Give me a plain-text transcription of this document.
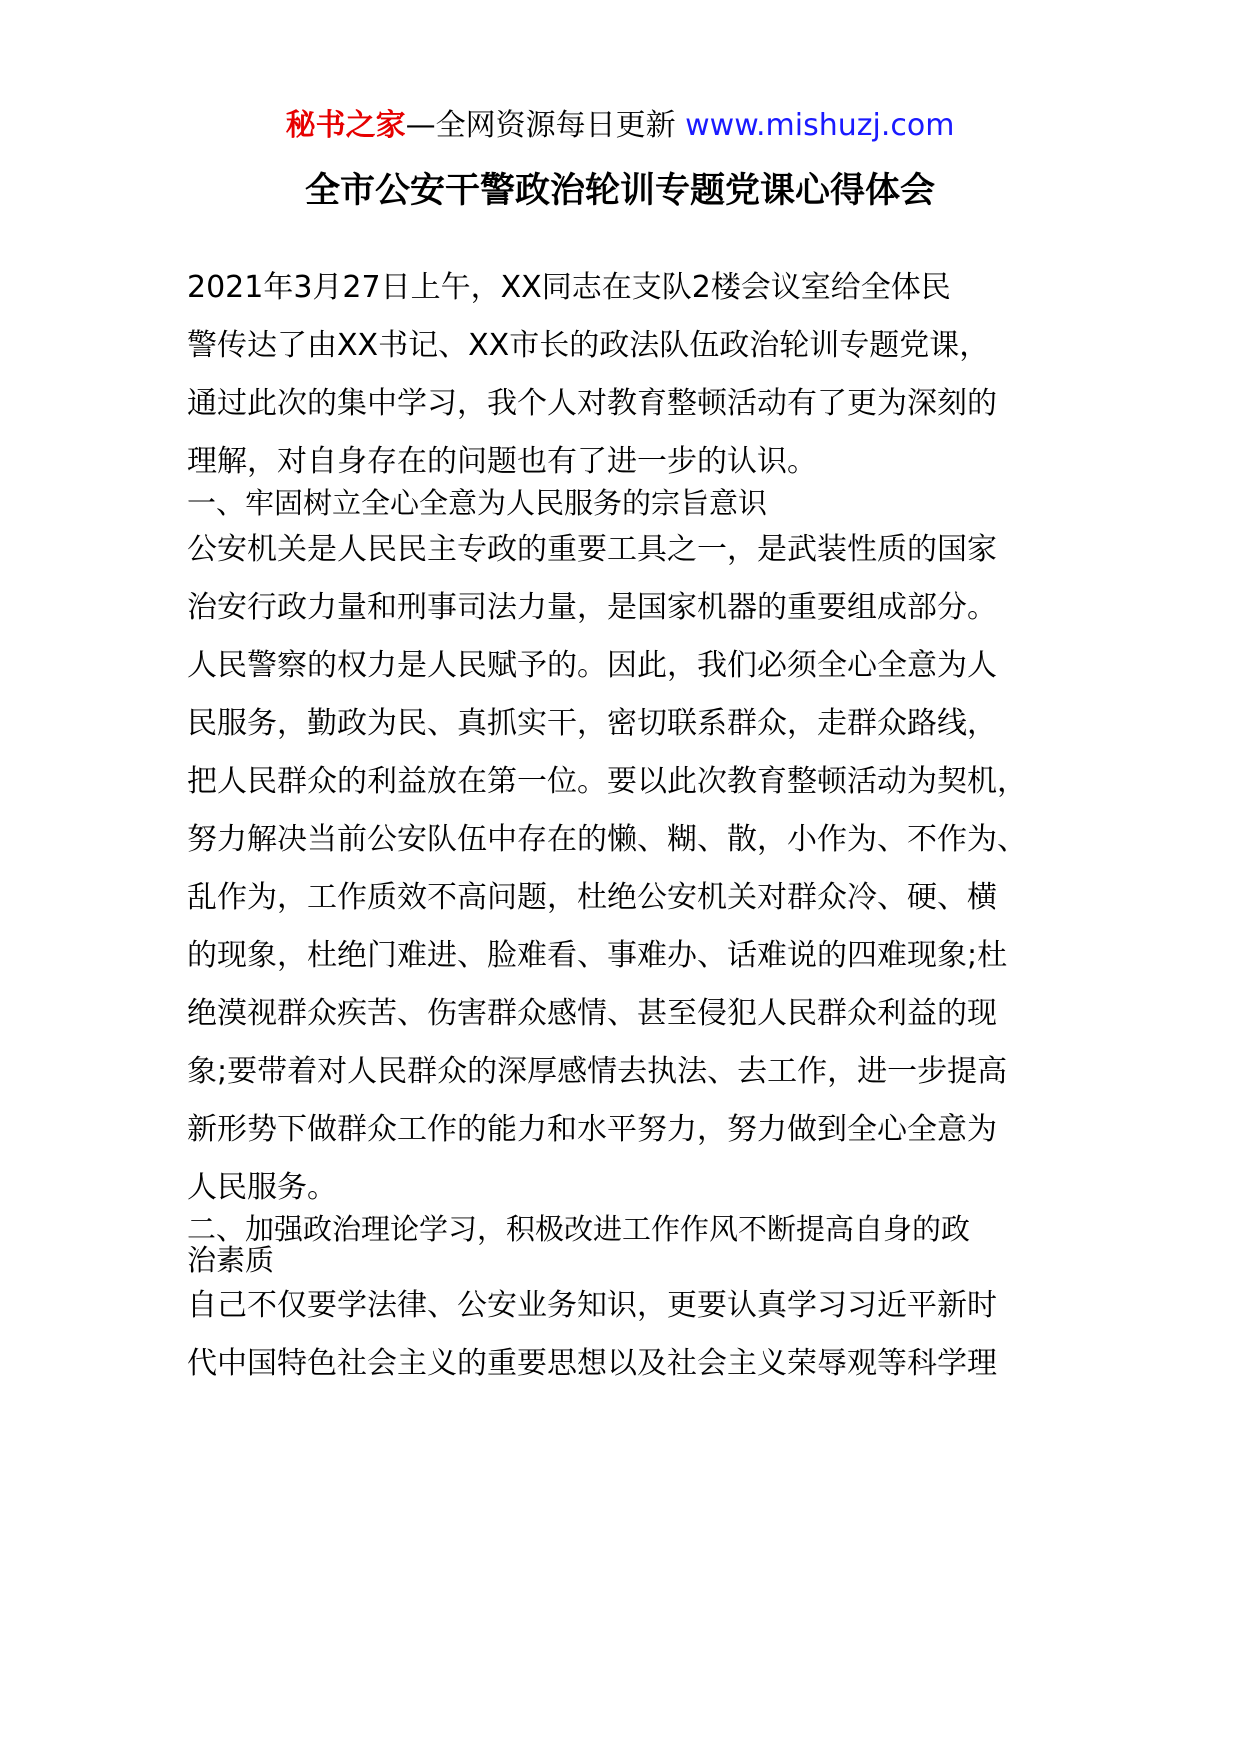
秘书之家—全网资源每日更新 www.mishuzj.com
全市公安干警政治轮训专题党课心得体会

2021年3月27日上午，XX同志在支队2楼会议室给全体民

警传达了由XX书记、XX市长的政法队伍政治轮训专题党课，

通过此次的集中学习，我个人对教育整顿活动有了更为深刻的

理解，对自身存在的问题也有了进一步的认识。

一、牢固树立全心全意为人民服务的宗旨意识

公安机关是人民民主专政的重要工具之一，是武装性质的国家

治安行政力量和刑事司法力量，是国家机器的重要组成部分。

人民警察的权力是人民赋予的。因此，我们必须全心全意为人

民服务，勤政为民、真抓实干，密切联系群众，走群众路线，

把人民群众的利益放在第一位。要以此次教育整顿活动为契机，

努力解决当前公安队伍中存在的懒、糊、散，小作为、不作为、

乱作为，工作质效不高问题，杜绝公安机关对群众冷、硬、横

的现象，杜绝门难进、脸难看、事难办、话难说的四难现象;杜

绝漠视群众疾苦、伤害群众感情、甚至侵犯人民群众利益的现

象;要带着对人民群众的深厚感情去执法、去工作，进一步提高

新形势下做群众工作的能力和水平努力，努力做到全心全意为

人民服务。

二、加强政治理论学习，积极改进工作作风不断提高自身的政

治素质

自己不仅要学法律、公安业务知识，更要认真学习习近平新时

代中国特色社会主义的重要思想以及社会主义荣辱观等科学理
